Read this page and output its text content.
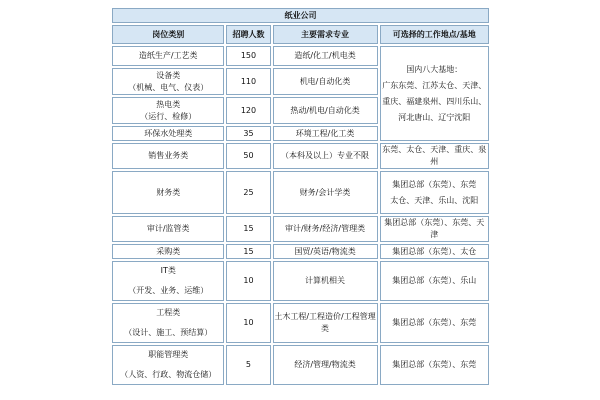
纸业公司			
岗位类别	招聘人数	主要需求专业	可选择的工作地点/基地
造纸生产/工艺类	150	造纸/化工/机电类	国内八大基地：
广东东莞、江苏太仓、天津、
重庆、福建泉州、四川乐山、
河北唐山、辽宁沈阳

设备类
（机械、电气、仪表）	110	机电/自动化类	

热电类
（运行、检修）	120	热动/机电/自动化类	
环保水处理类	35	环境工程/化工类	
销售业务类	50	（本科及以上）专业不限	东莞、太仓、天津、重庆、泉州
财务类	25	财务/会计学类	集团总部（东莞）、东莞
太仓、天津、乐山、沈阳

审计/监管类	15	审计/财务/经济/管理类	集团总部（东莞）、东莞、天津
采购类	15	国贸/英语/物流类	集团总部（东莞）、太仓

IT类
（开发、业务、运维）	10	计算机相关	集团总部（东莞）、乐山

工程类
（设计、施工、预结算）	10	土木工程/工程造价/工程管理类	集团总部（东莞）、东莞

职能管理类
（人资、行政、物流仓储）	5	经济/管理/物流类	集团总部（东莞）、东莞
